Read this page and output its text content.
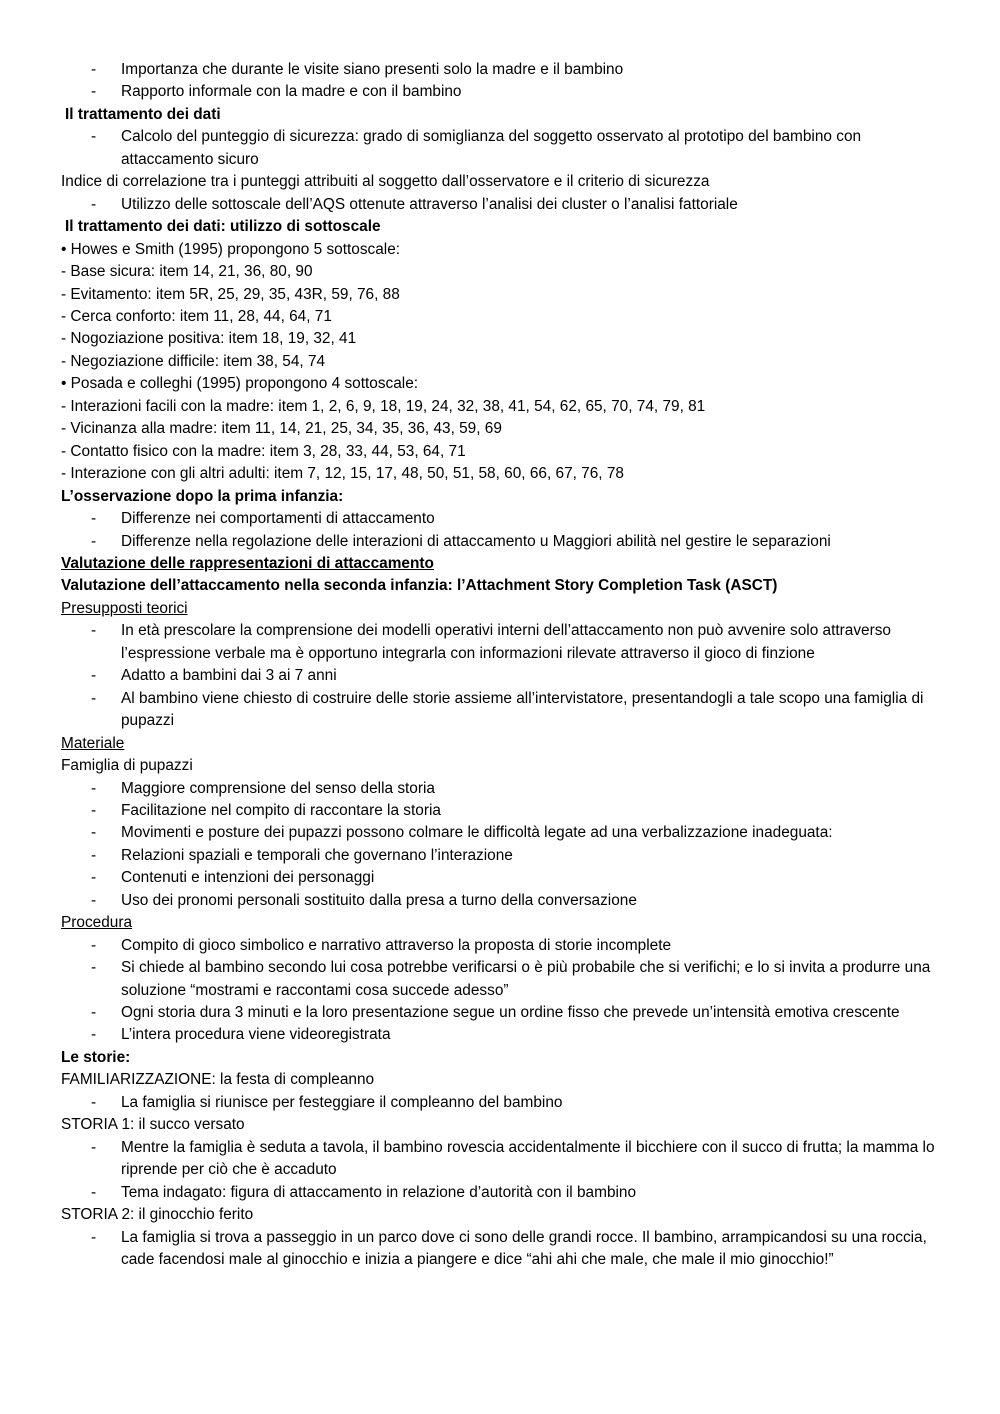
- Importanza che durante le visite siano presenti solo la madre e il bambino
- Rapporto informale con la madre e con il bambino
Il trattamento dei dati
- Calcolo del punteggio di sicurezza: grado di somiglianza del soggetto osservato al prototipo del bambino con attaccamento sicuro
Indice di correlazione tra i punteggi attribuiti al soggetto dall’osservatore e il criterio di sicurezza
- Utilizzo delle sottoscale dell’AQS ottenute attraverso l’analisi dei cluster o l’analisi fattoriale
Il trattamento dei dati: utilizzo di sottoscale
• Howes e Smith (1995) propongono 5 sottoscale:
- Base sicura: item 14, 21, 36, 80, 90
- Evitamento: item 5R, 25, 29, 35, 43R, 59, 76, 88
- Cerca conforto: item 11, 28, 44, 64, 71
- Nogoziazione positiva: item 18, 19, 32, 41
- Negoziazione difficile: item 38, 54, 74
• Posada e colleghi (1995) propongono 4 sottoscale:
- Interazioni facili con la madre: item 1, 2, 6, 9, 18, 19, 24, 32, 38, 41, 54, 62, 65, 70, 74, 79, 81
- Vicinanza alla madre: item 11, 14, 21, 25, 34, 35, 36, 43, 59, 69
- Contatto fisico con la madre: item 3, 28, 33, 44, 53, 64, 71
- Interazione con gli altri adulti: item 7, 12, 15, 17, 48, 50, 51, 58, 60, 66, 67, 76, 78
L’osservazione dopo la prima infanzia:
- Differenze nei comportamenti di attaccamento
- Differenze nella regolazione delle interazioni di attaccamento u Maggiori abilità nel gestire le separazioni
Valutazione delle rappresentazioni di attaccamento
Valutazione dell’attaccamento nella seconda infanzia: l’Attachment Story Completion Task (ASCT)
Presupposti teorici
- In età prescolare la comprensione dei modelli operativi interni dell’attaccamento non può avvenire solo attraverso l’espressione verbale ma è opportuno integrarla con informazioni rilevate attraverso il gioco di finzione
- Adatto a bambini dai 3 ai 7 anni
- Al bambino viene chiesto di costruire delle storie assieme all’intervistatore, presentandogli a tale scopo una famiglia di pupazzi
Materiale
Famiglia di pupazzi
- Maggiore comprensione del senso della storia
- Facilitazione nel compito di raccontare la storia
- Movimenti e posture dei pupazzi possono colmare le difficoltà legate ad una verbalizzazione inadeguata:
- Relazioni spaziali e temporali che governano l’interazione
- Contenuti e intenzioni dei personaggi
- Uso dei pronomi personali sostituito dalla presa a turno della conversazione
Procedura
- Compito di gioco simbolico e narrativo attraverso la proposta di storie incomplete
- Si chiede al bambino secondo lui cosa potrebbe verificarsi o è più probabile che si verifichi; e lo si invita a produrre una soluzione “mostrami e raccontami cosa succede adesso”
- Ogni storia dura 3 minuti e la loro presentazione segue un ordine fisso che prevede un’intensità emotiva crescente
- L’intera procedura viene videoregistrata
Le storie:
FAMILIARIZZAZIONE: la festa di compleanno
- La famiglia si riunisce per festeggiare il compleanno del bambino
STORIA 1: il succo versato
- Mentre la famiglia è seduta a tavola, il bambino rovescia accidentalmente il bicchiere con il succo di frutta; la mamma lo riprende per ciò che è accaduto
- Tema indagato: figura di attaccamento in relazione d’autorità con il bambino
STORIA 2: il ginocchio ferito
- La famiglia si trova a passeggio in un parco dove ci sono delle grandi rocce. Il bambino, arrampicandosi su una roccia, cade facendosi male al ginocchio e inizia a piangere e dice “ahi ahi che male, che male il mio ginocchio!”
